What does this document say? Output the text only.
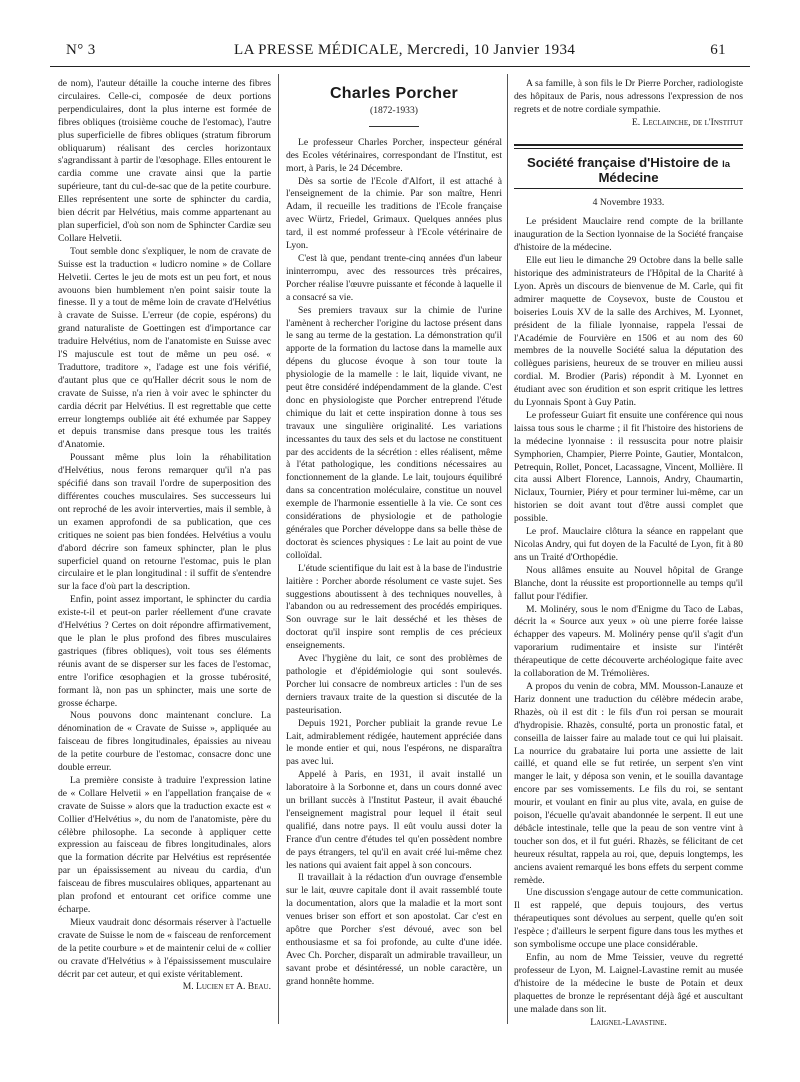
N° 3	LA PRESSE MÉDICALE, Mercredi, 10 Janvier 1934	61

de nom), l'auteur détaille la couche interne des fibres circulaires. Celle-ci, composée de deux portions perpendiculaires, dont la plus interne est formée de fibres obliques (troisième couche de l'estomac), l'autre plus superficielle de fibres obliques (stratum fibrorum obliquarum) réalisant des cercles horizontaux s'agrandissant à partir de l'œsophage. Elles entourent le cardia comme une cravate ainsi que la partie supérieure, tant du cul-de-sac que de la petite courbure. Elles représentent une sorte de sphincter du cardia, bien décrit par Helvétius, mais comme appartenant au plan superficiel, d'où son nom de Sphincter Cardiæ seu Collare Helvetii.

Tout semble donc s'expliquer, le nom de cravate de Suisse est la traduction « ludicro nomine » de Collare Helvetii. Certes le jeu de mots est un peu fort, et nous avouons bien humblement n'en point saisir toute la finesse. Il y a tout de même loin de cravate d'Helvétius à cravate de Suisse. L'erreur (de copie, espérons) du grand naturaliste de Goettingen est d'importance car traduire Helvétius, nom de l'anatomiste en Suisse avec l'S majuscule est tout de même un peu osé. « Traduttore, traditore », l'adage est une fois vérifié, d'autant plus que ce qu'Haller décrit sous le nom de cravate de Suisse, n'a rien à voir avec le sphincter du cardia décrit par Helvétius. Il est regrettable que cette erreur longtemps oubliée ait été exhumée par Sappey et depuis transmise dans presque tous les traités d'Anatomie.

Poussant même plus loin la réhabilitation d'Helvétius, nous ferons remarquer qu'il n'a pas spécifié dans son travail l'ordre de superposition des différentes couches musculaires. Ses successeurs lui ont reproché de les avoir interverties, mais il semble, à un examen approfondi de sa publication, que ces critiques ne soient pas bien fondées. Helvétius a voulu d'abord décrire son fameux sphincter, plan le plus superficiel quand on retourne l'estomac, puis le plan circulaire et le plan longitudinal : il suffit de s'entendre sur la face d'où part la description.

Enfin, point assez important, le sphincter du cardia existe-t-il et peut-on parler réellement d'une cravate d'Helvétius ? Certes on doit répondre affirmativement, que le plan le plus profond des fibres musculaires gastriques (fibres obliques), voit tous ses éléments réunis avant de se disperser sur les faces de l'estomac, entre l'orifice œsophagien et la grosse tubérosité, formant là, non pas un sphincter, mais une sorte de grosse écharpe.

Nous pouvons donc maintenant conclure. La dénomination de « Cravate de Suisse », appliquée au faisceau de fibres longitudinales, épaissies au niveau de la petite courbure de l'estomac, consacre donc une double erreur.

La première consiste à traduire l'expression latine de « Collare Helvetii » en l'appellation française de « cravate de Suisse » alors que la traduction exacte est « Collier d'Helvétius », du nom de l'anatomiste, père du célèbre philosophe. La seconde à appliquer cette expression au faisceau de fibres longitudinales, alors que la formation décrite par Helvétius est représentée par un épaississement au niveau du cardia, d'un faisceau de fibres musculaires obliques, appartenant au plan profond et entourant cet orifice comme une écharpe.

Mieux vaudrait donc désormais réserver à l'actuelle cravate de Suisse le nom de « faisceau de renforcement de la petite courbure » et de maintenir celui de « collier ou cravate d'Helvétius » à l'épaississement musculaire décrit par cet auteur, et qui existe véritablement.

M. Lucien et A. Beau.

Charles Porcher
(1872-1933)

Le professeur Charles Porcher, inspecteur général des Ecoles vétérinaires, correspondant de l'Institut, est mort, à Paris, le 24 Décembre.

Dès sa sortie de l'Ecole d'Alfort, il est attaché à l'enseignement de la chimie. Par son maître, Henri Adam, il recueille les traditions de l'Ecole française avec Würtz, Friedel, Grimaux. Quelques années plus tard, il est nommé professeur à l'Ecole vétérinaire de Lyon.

C'est là que, pendant trente-cinq années d'un labeur ininterrompu, avec des ressources très précaires, Porcher réalise l'œuvre puissante et féconde à laquelle il a consacré sa vie.

Ses premiers travaux sur la chimie de l'urine l'amènent à rechercher l'origine du lactose présent dans le sang au terme de la gestation. La démonstration qu'il apporte de la formation du lactose dans la mamelle aux dépens du glucose évoque à son tour toute la physiologie de la mamelle : le lait, liquide vivant, ne peut être considéré indépendamment de la glande. C'est donc en physiologiste que Porcher entreprend l'étude chimique du lait et cette inspiration donne à tous ses travaux une singulière originalité. Les variations incessantes du taux des sels et du lactose ne constituent par des accidents de la sécrétion : elles réalisent, même à l'état pathologique, les conditions nécessaires au fonctionnement de la glande. Le lait, toujours équilibré dans sa concentration moléculaire, constitue un nouvel exemple de l'harmonie essentielle à la vie. Ce sont ces considérations de physiologie et de pathologie générales que Porcher développe dans sa belle thèse de doctorat ès sciences physiques : Le lait au point de vue colloïdal.

L'étude scientifique du lait est à la base de l'industrie laitière : Porcher aborde résolument ce vaste sujet. Ses suggestions aboutissent à des techniques nouvelles, à l'abandon ou au redressement des procédés empiriques. Son ouvrage sur le lait desséché et les thèses de doctorat qu'il inspire sont remplis de ces précieux enseignements.

Avec l'hygiène du lait, ce sont des problèmes de pathologie et d'épidémiologie qui sont soulevés. Porcher lui consacre de nombreux articles : l'un de ses derniers travaux traite de la question si discutée de la pasteurisation.

Depuis 1921, Porcher publiait la grande revue Le Lait, admirablement rédigée, hautement appréciée dans le monde entier et qui, nous l'espérons, ne disparaîtra pas avec lui.

Appelé à Paris, en 1931, il avait installé un laboratoire à la Sorbonne et, dans un cours donné avec un brillant succès à l'Institut Pasteur, il avait ébauché l'enseignement magistral pour lequel il était seul qualifié, dans notre pays. Il eût voulu aussi doter la France d'un centre d'études tel qu'en possèdent nombre de pays étrangers, tel qu'il en avait créé lui-même chez les nations qui avaient fait appel à son concours.

Il travaillait à la rédaction d'un ouvrage d'ensemble sur le lait, œuvre capitale dont il avait rassemblé toute la documentation, alors que la maladie et la mort sont venues briser son effort et son apostolat. Car c'est en apôtre que Porcher s'est dévoué, avec son bel enthousiasme et sa foi profonde, au culte d'une idée. Avec Ch. Porcher, disparaît un admirable travailleur, un savant probe et désintéressé, un noble caractère, un grand honnête homme.

A sa famille, à son fils le Dr Pierre Porcher, radiologiste des hôpitaux de Paris, nous adressons l'expression de nos regrets et de notre cordiale sympathie.

E. Leclainche, de l'Institut

Société française d'Histoire de la Médecine
4 Novembre 1933.

Le président Mauclaire rend compte de la brillante inauguration de la Section lyonnaise de la Société française d'histoire de la médecine.

Elle eut lieu le dimanche 29 Octobre dans la belle salle historique des administrateurs de l'Hôpital de la Charité à Lyon. Après un discours de bienvenue de M. Carle, qui fit admirer maquette de Coysevox, buste de Coustou et boiseries Louis XV de la salle des Archives, M. Lyonnet, président de la filiale lyonnaise, rappela l'essai de l'Académie de Fourvière en 1506 et au nom des 60 membres de la nouvelle Société salua la députation des collègues parisiens, heureux de se trouver en milieu aussi cordial. M. Brodier (Paris) répondit à M. Lyonnet en étudiant avec son érudition et son esprit critique les lettres du Lyonnais Spont à Guy Patin.

Le professeur Guiart fit ensuite une conférence qui nous laissa tous sous le charme ; il fit l'histoire des historiens de la médecine lyonnaise : il ressuscita pour notre plaisir Symphorien, Champier, Pierre Pointe, Gautier, Montalcon, Petrequin, Rollet, Poncet, Lacassagne, Vincent, Mollière. Il cita aussi Albert Florence, Lannois, Andry, Chaumartin, Niclaux, Tournier, Piéry et pour terminer lui-même, car un historien se doit avant tout d'être aussi complet que possible.

Le prof. Mauclaire clôtura la séance en rappelant que Nicolas Andry, qui fut doyen de la Faculté de Lyon, fit à 80 ans un Traité d'Orthopédie.

Nous allâmes ensuite au Nouvel hôpital de Grange Blanche, dont la réussite est proportionnelle au temps qu'il fallut pour l'édifier.

M. Molinéry, sous le nom d'Enigme du Taco de Labas, décrit la « Source aux yeux » où une pierre forée laisse échapper des vapeurs. M. Molinéry pense qu'il s'agit d'un vaporarium rudimentaire et insiste sur l'intérêt thérapeutique de cette découverte archéologique faite avec la collaboration de M. Trémolières.

A propos du venin de cobra, MM. Mousson-Lanauze et Hariz donnent une traduction du célèbre médecin arabe, Rhazès, où il est dit : le fils d'un roi persan se mourait d'hydropisie. Rhazès, consulté, porta un pronostic fatal, et conseilla de laisser faire au malade tout ce qui lui plaisait. La nourrice du grabataire lui porta une assiette de lait caillé, et quand elle se fut retirée, un serpent s'en vint manger le lait, y déposa son venin, et le souilla davantage encore par ses vomissements. Le fils du roi, se sentant mourir, et voulant en finir au plus vite, avala, en guise de poison, l'écuelle qu'avait abandonnée le serpent. Il eut une débâcle intestinale, telle que la peau de son ventre vint à toucher son dos, et il fut guéri. Rhazès, se félicitant de cet heureux résultat, rappela au roi, que, depuis longtemps, les anciens avaient remarqué les bons effets du serpent comme remède.

Une discussion s'engage autour de cette communication. Il est rappelé, que depuis toujours, des vertus thérapeutiques sont dévolues au serpent, quelle qu'en soit l'espèce ; d'ailleurs le serpent figure dans tous les mythes et son symbolisme occupe une place considérable.

Enfin, au nom de Mme Teissier, veuve du regretté professeur de Lyon, M. Laignel-Lavastine remit au musée d'histoire de la médecine le buste de Potain et deux plaquettes de bronze le représentant déjà âgé et auscultant une malade dans son lit.

Laignel-Lavastine.
